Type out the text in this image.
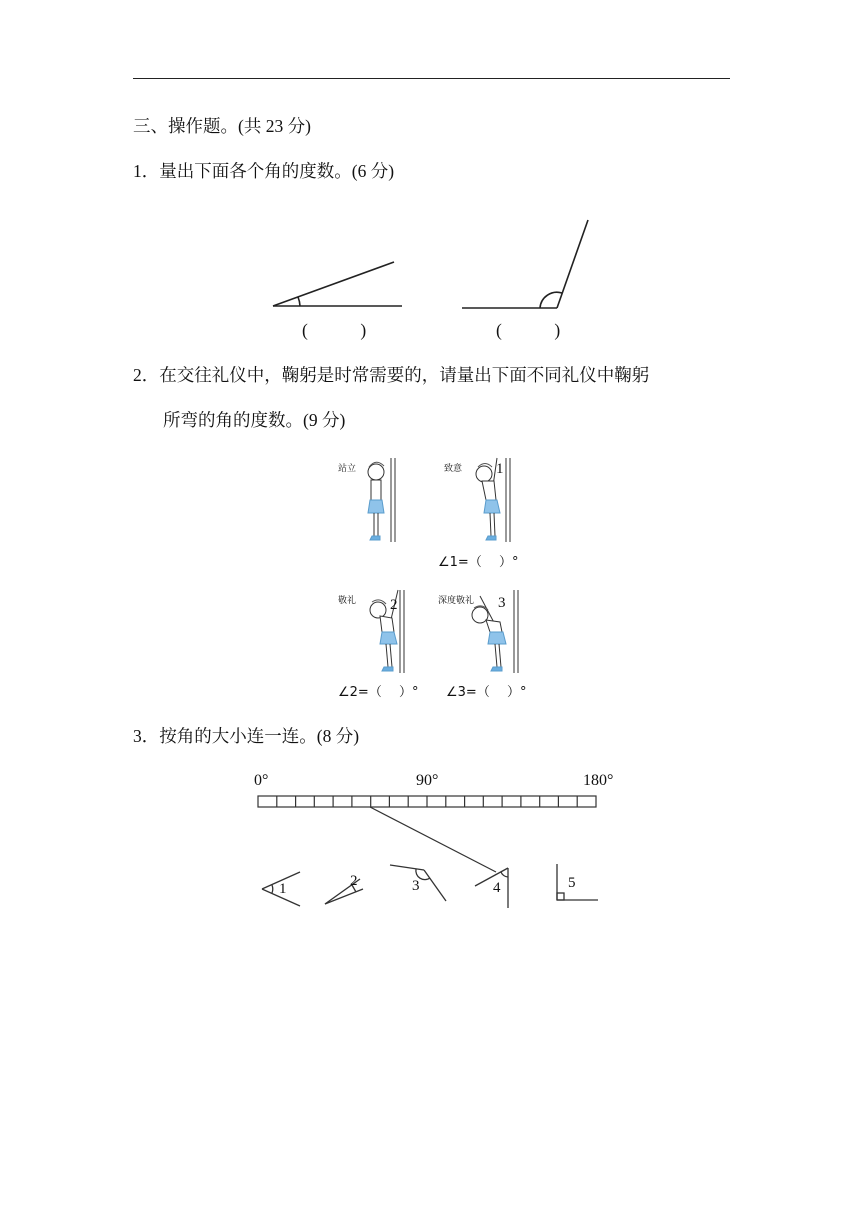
三、操作题。(共 23 分)
1．量出下面各个角的度数。(6 分)
(　　　)	(　　　)
2．在交往礼仪中，鞠躬是时常需要的，请量出下面不同礼仪中鞠躬
所弯的角的度数。(9 分)
站立	致意
敬礼	深度敬礼
1
2	3
∠1=（　 ）°
∠2=（　 ）° ∠3=（　 ）°
3．按角的大小连一连。(8 分)
0°	90°	180°
1	2	3	4	5
